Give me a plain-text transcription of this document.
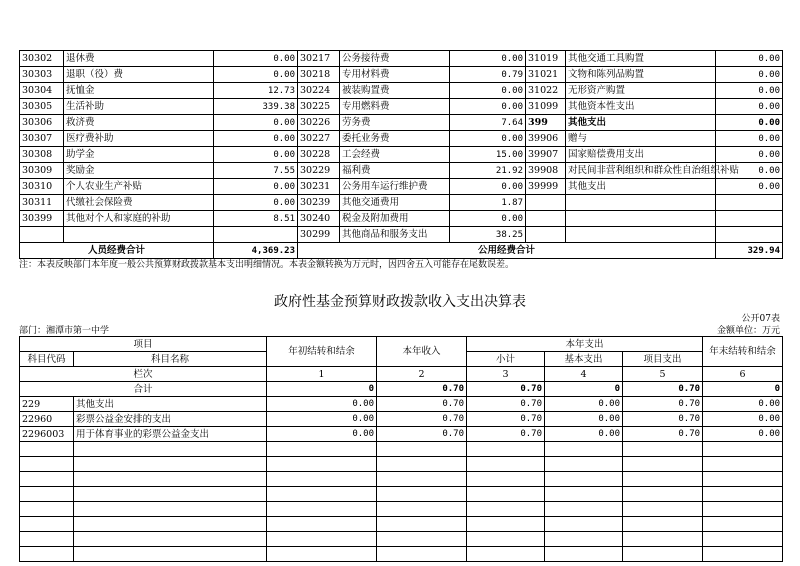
30302	退休费	0.00	30217	公务接待费	0.00	31019	其他交通工具购置	0.00
30303	退职（役）费	0.00	30218	专用材料费	0.79	31021	文物和陈列品购置	0.00
30304	抚恤金	12.73	30224	被装购置费	0.00	31022	无形资产购置	0.00
30305	生活补助	339.38	30225	专用燃料费	0.00	31099	其他资本性支出	0.00
30306	救济费	0.00	30226	劳务费	7.64	399	其他支出	0.00
30307	医疗费补助	0.00	30227	委托业务费	0.00	39906	赠与	0.00
30308	助学金	0.00	30228	工会经费	15.00	39907	国家赔偿费用支出	0.00
30309	奖励金	7.55	30229	福利费	21.92	39908	对民间非营利组织和群众性自治组织补贴	0.00
30310	个人农业生产补贴	0.00	30231	公务用车运行维护费	0.00	39999	其他支出	0.00
30311	代缴社会保险费	0.00	30239	其他交通费用	1.87			
30399	其他对个人和家庭的补助	8.51	30240	税金及附加费用	0.00			
			30299	其他商品和服务支出	38.25			
人员经费合计		4,369.23	公用经费合计					329.94
注：本表反映部门本年度一般公共预算财政拨款基本支出明细情况。本表金额转换为万元时，因四舍五入可能存在尾数误差。
政府性基金预算财政拨款收入支出决算表
公开07表
部门：湘潭市第一中学	金额单位：万元
项目		年初结转和结余	本年收入	本年支出			年末结转和结余
科目代码	科目名称			小计	基本支出	项目支出	
栏次		1	2	3	4	5	6
合计		0	0.70	0.70	0	0.70	0
229	其他支出	0.00	0.70	0.70	0.00	0.70	0.00
22960	彩票公益金安排的支出	0.00	0.70	0.70	0.00	0.70	0.00
2296003	用于体育事业的彩票公益金支出	0.00	0.70	0.70	0.00	0.70	0.00
